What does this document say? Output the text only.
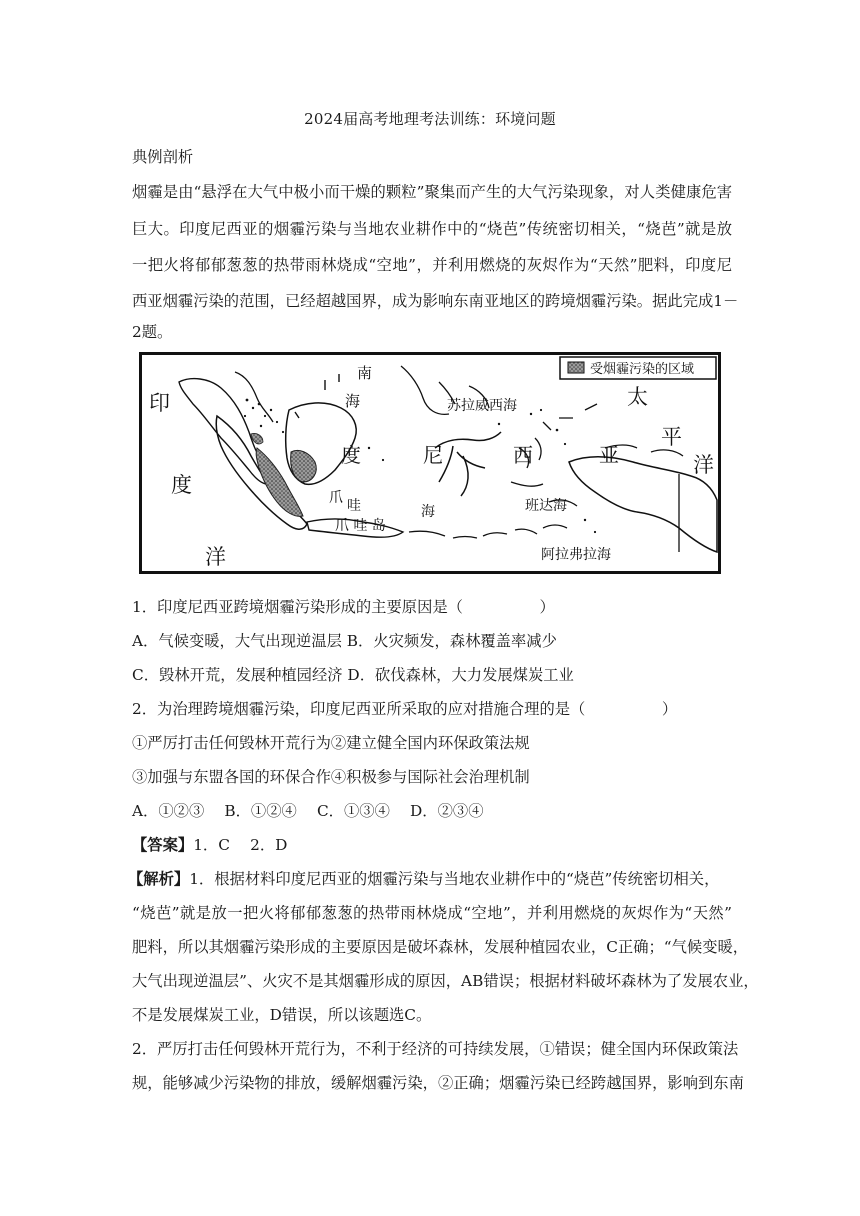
2024届高考地理考法训练：环境问题
典例剖析
烟霾是由“悬浮在大气中极小而干燥的颗粒”聚集而产生的大气污染现象，对人类健康危害
巨大。印度尼西亚的烟霾污染与当地农业耕作中的“烧芭”传统密切相关，“烧芭”就是放
一把火将郁郁葱葱的热带雨林烧成“空地”，并利用燃烧的灰烬作为“天然”肥料，印度尼
西亚烟霾污染的范围，已经超越国界，成为影响东南亚地区的跨境烟霾污染。据此完成1－
2题。
受烟霾污染的区域
印
度
洋
南
海	苏拉威西海	太
平
洋
度	尼	西	亚
海
爪 哇
爪 哇 岛
班达海
阿拉弗拉海
1．印度尼西亚跨境烟霾污染形成的主要原因是（　　　　　）
A．气候变暖，大气出现逆温层 B．火灾频发，森林覆盖率减少
C．毁林开荒，发展种植园经济 D．砍伐森林，大力发展煤炭工业
2．为治理跨境烟霾污染，印度尼西亚所采取的应对措施合理的是（　　　　　）
①严厉打击任何毁林开荒行为②建立健全国内环保政策法规
③加强与东盟各国的环保合作④积极参与国际社会治理机制
A．①②③　 B．①②④　 C．①③④　 D．②③④
【答案】1．C　 2．D
【解析】1．根据材料印度尼西亚的烟霾污染与当地农业耕作中的“烧芭”传统密切相关，
“烧芭”就是放一把火将郁郁葱葱的热带雨林烧成“空地”，并利用燃烧的灰烬作为“天然”
肥料，所以其烟霾污染形成的主要原因是破坏森林，发展种植园农业，C正确；“气候变暖，
大气出现逆温层”、火灾不是其烟霾形成的原因，AB错误；根据材料破坏森林为了发展农业，
不是发展煤炭工业，D错误，所以该题选C。
2．严厉打击任何毁林开荒行为，不利于经济的可持续发展，①错误；健全国内环保政策法
规，能够减少污染物的排放，缓解烟霾污染，②正确；烟霾污染已经跨越国界，影响到东南
